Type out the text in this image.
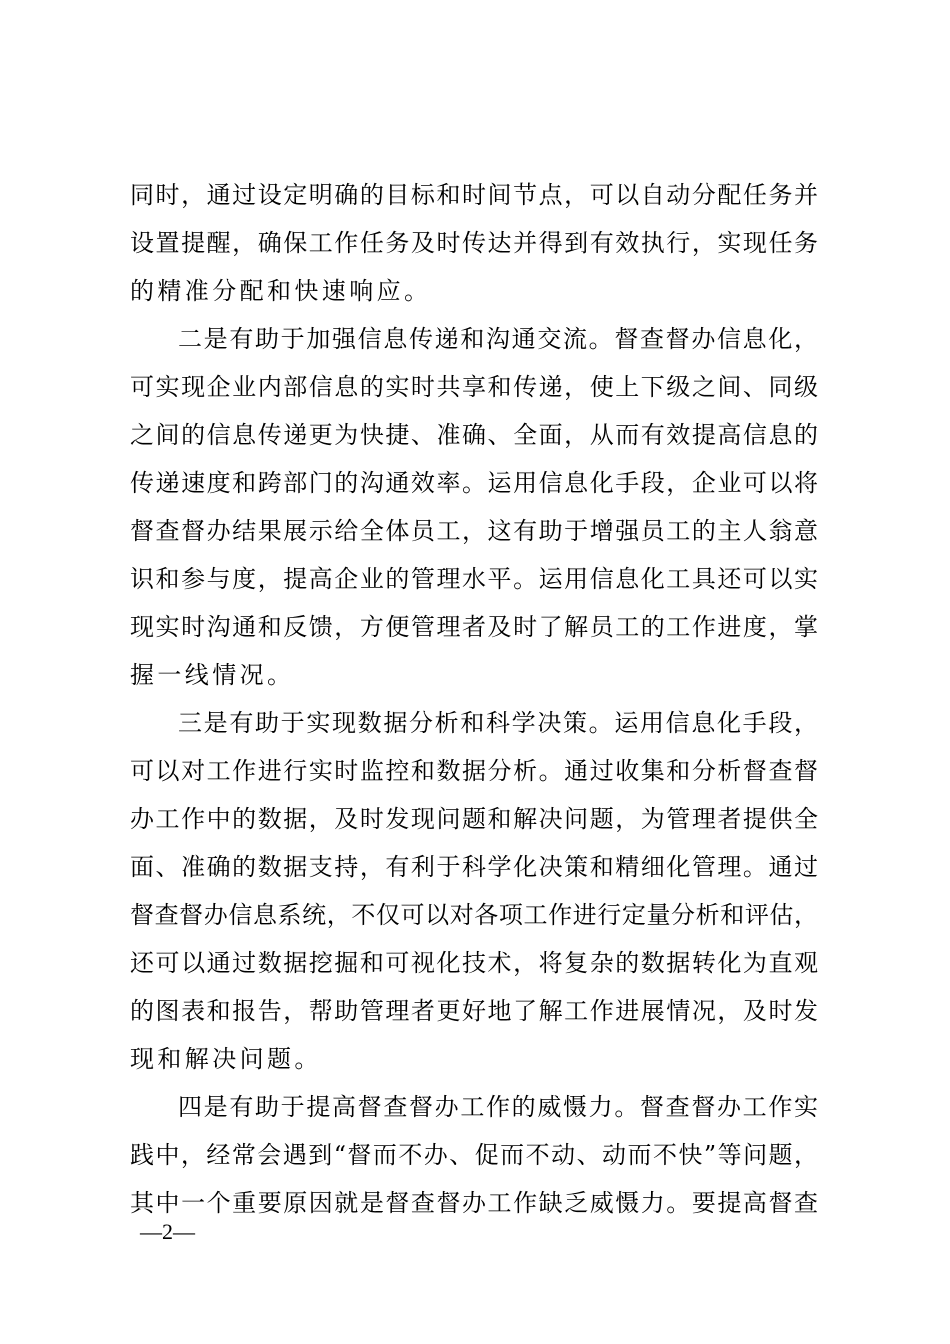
同时，通过设定明确的目标和时间节点，可以自动分配任务并
设置提醒，确保工作任务及时传达并得到有效执行，实现任务
的精准分配和快速响应。
二是有助于加强信息传递和沟通交流。督查督办信息化，
可实现企业内部信息的实时共享和传递，使上下级之间、同级
之间的信息传递更为快捷、准确、全面，从而有效提高信息的
传递速度和跨部门的沟通效率。运用信息化手段，企业可以将
督查督办结果展示给全体员工，这有助于增强员工的主人翁意
识和参与度，提高企业的管理水平。运用信息化工具还可以实
现实时沟通和反馈，方便管理者及时了解员工的工作进度，掌
握一线情况。
三是有助于实现数据分析和科学决策。运用信息化手段，
可以对工作进行实时监控和数据分析。通过收集和分析督查督
办工作中的数据，及时发现问题和解决问题，为管理者提供全
面、准确的数据支持，有利于科学化决策和精细化管理。通过
督查督办信息系统，不仅可以对各项工作进行定量分析和评估，
还可以通过数据挖掘和可视化技术，将复杂的数据转化为直观
的图表和报告，帮助管理者更好地了解工作进展情况，及时发
现和解决问题。
四是有助于提高督查督办工作的威慑力。督查督办工作实
践中，经常会遇到“督而不办、促而不动、动而不快”等问题，
其中一个重要原因就是督查督办工作缺乏威慑力。要提高督查
—2—
